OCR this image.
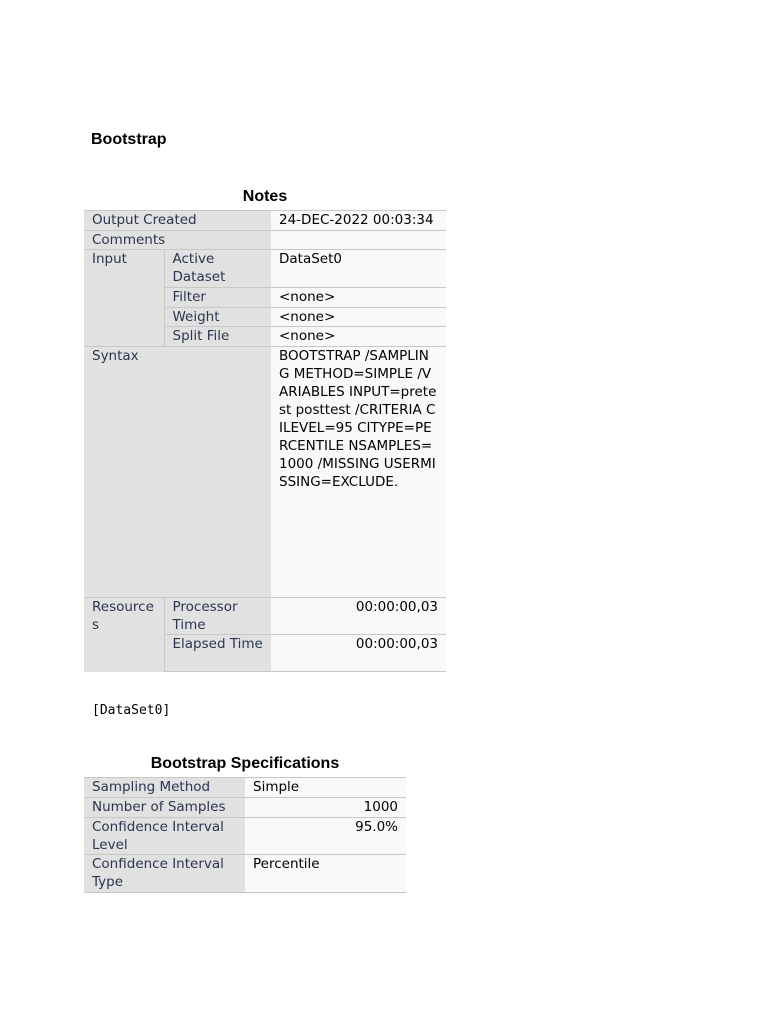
Bootstrap
Notes
Output Created		24-DEC-2022 00:03:34
Comments		
Input	Active Dataset	DataSet0
	Filter	<none>
	Weight	<none>
	Split File	<none>
Syntax		BOOTSTRAP /SAMPLING METHOD=SIMPLE /VARIABLES INPUT=pretest posttest /CRITERIA CILEVEL=95 CITYPE=PERCENTILE NSAMPLES=1000 /MISSING USERMISSING=EXCLUDE.
Resources	Processor Time	00:00:00,03
	Elapsed Time	00:00:00,03
[DataSet0]
Bootstrap Specifications
Sampling Method	Simple
Number of Samples	1000
Confidence Interval Level	95.0%
Confidence Interval Type	Percentile
